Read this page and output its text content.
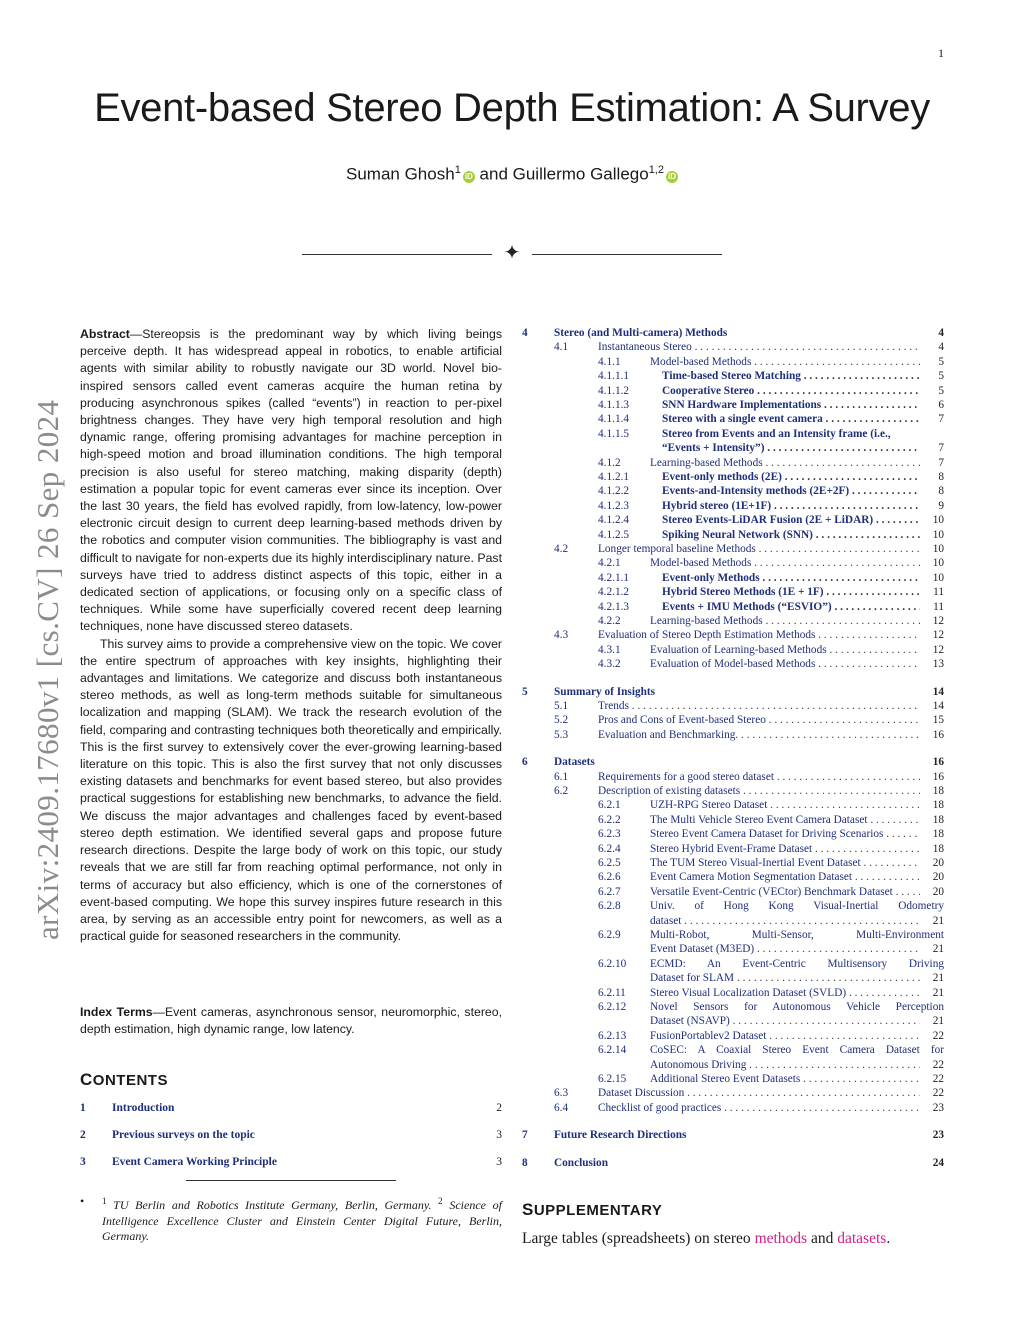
1
Event-based Stereo Depth Estimation: A Survey
Suman Ghosh$^1$iD and Guillermo Gallego$^{1,2}$iD
✦
arXiv:2409.17680v1 [cs.CV] 26 Sep 2024

Abstract—Stereopsis is the predominant way by which living beings perceive depth. It has widespread appeal in robotics, to enable artificial agents with similar ability to robustly navigate our 3D world. Novel bio-inspired sensors called event cameras acquire the human retina by producing asynchronous spikes (called “events”) in reaction to per-pixel brightness changes. They have very high temporal resolution and high dynamic range, offering promising advantages for machine perception in high-speed motion and broad illumination conditions. The high temporal precision is also useful for stereo matching, making disparity (depth) estimation a popular topic for event cameras ever since its inception. Over the last 30 years, the field has evolved rapidly, from low-latency, low-power electronic circuit design to current deep learning-based methods driven by the robotics and computer vision communities. The bibliography is vast and difficult to navigate for non-experts due its highly interdisciplinary nature. Past surveys have tried to address distinct aspects of this topic, either in a dedicated section of applications, or focusing only on a specific class of techniques. While some have superficially covered recent deep learning techniques, none have discussed stereo datasets.

This survey aims to provide a comprehensive view on the topic. We cover the entire spectrum of approaches with key insights, highlighting their advantages and limitations. We categorize and discuss both instantaneous stereo methods, as well as long-term methods suitable for simultaneous localization and mapping (SLAM). We track the research evolution of the field, comparing and contrasting techniques both theoretically and empirically. This is the first survey to extensively cover the ever-growing learning-based literature on this topic. This is also the first survey that not only discusses existing datasets and benchmarks for event based stereo, but also provides practical suggestions for establishing new benchmarks, to advance the field. We discuss the major advantages and challenges faced by event-based stereo depth estimation. We identified several gaps and propose future research directions. Despite the large body of work on this topic, our study reveals that we are still far from reaching optimal performance, not only in terms of accuracy but also efficiency, which is one of the cornerstones of event-based computing. We hope this survey inspires future research in this area, by serving as an accessible entry point for newcomers, as well as a practical guide for seasoned researchers in the community.

Index Terms—Event cameras, asynchronous sensor, neuromorphic, stereo, depth estimation, high dynamic range, low latency.
CONTENTS
1 Introduction	2
2 Previous surveys on the topic	3
3 Event Camera Working Principle	3
• $^1$ TU Berlin and Robotics Institute Germany, Berlin, Germany. $^2$ Science of Intelligence Excellence Cluster and Einstein Center Digital Future, Berlin, Germany.
4 Stereo (and Multi-camera) Methods	4
4.1	Instantaneous Stereo . . .	4
4.1.1	Model-based Methods . . .	5
4.1.1.1	Time-based Stereo Matching . . .	5
4.1.1.2	Cooperative Stereo . . .	5
4.1.1.3	SNN Hardware Implementations . . .	6
4.1.1.4	Stereo with a single event camera . . .	7
4.1.1.5	Stereo from Events and an Intensity frame (i.e.,
“Events + Intensity”) . . .	7
4.1.2	Learning-based Methods . . .	7
4.1.2.1	Event-only methods (2E) . . .	8
4.1.2.2	Events-and-Intensity methods (2E+2F) . . .	8
4.1.2.3	Hybrid stereo (1E+1F) . . .	9
4.1.2.4	Stereo Events-LiDAR Fusion (2E + LiDAR) . . .	10
4.1.2.5	Spiking Neural Network (SNN) . . .	10
4.2	Longer temporal baseline Methods . . .	10
4.2.1	Model-based Methods . . .	10
4.2.1.1	Event-only Methods . . .	10
4.2.1.2	Hybrid Stereo Methods (1E + 1F) . . .	11
4.2.1.3	Events + IMU Methods (“ESVIO”) . . .	11
4.2.2	Learning-based Methods . . .	12
4.3	Evaluation of Stereo Depth Estimation Methods . . .	12
4.3.1	Evaluation of Learning-based Methods . . .	12
4.3.2	Evaluation of Model-based Methods . . .	13
5 Summary of Insights	14
5.1	Trends . . .	14
5.2	Pros and Cons of Event-based Stereo . . .	15
5.3	Evaluation and Benchmarking. . . .	16
6 Datasets	16
6.1	Requirements for a good stereo dataset . . .	16
6.2	Description of existing datasets . . .	18
6.2.1	UZH-RPG Stereo Dataset . . .	18
6.2.2	The Multi Vehicle Stereo Event Camera Dataset . . .	18
6.2.3	Stereo Event Camera Dataset for Driving Scenarios . . .	18
6.2.4	Stereo Hybrid Event-Frame Dataset . . .	18
6.2.5	The TUM Stereo Visual-Inertial Event Dataset . . .	20
6.2.6	Event Camera Motion Segmentation Dataset . . .	20
6.2.7	Versatile Event-Centric (VECtor) Benchmark Dataset . . .	20
6.2.8	Univ. of Hong Kong Visual-Inertial Odometry
dataset . . .	21
6.2.9	Multi-Robot, Multi-Sensor, Multi-Environment
Event Dataset (M3ED) . . .	21
6.2.10 ECMD: An Event-Centric Multisensory Driving
Dataset for SLAM . . .	21
6.2.11 Stereo Visual Localization Dataset (SVLD) . . .	21
6.2.12 Novel Sensors for Autonomous Vehicle Perception
Dataset (NSAVP) . . .	21
6.2.13 FusionPortablev2 Dataset . . .	22
6.2.14 CoSEC: A Coaxial Stereo Event Camera Dataset for
Autonomous Driving . . .	22
6.2.15 Additional Stereo Event Datasets . . .	22
6.3	Dataset Discussion . . .	22
6.4	Checklist of good practices . . .	23
7 Future Research Directions	23
8 Conclusion	24
SUPPLEMENTARY
Large tables (spreadsheets) on stereo methods and datasets.
